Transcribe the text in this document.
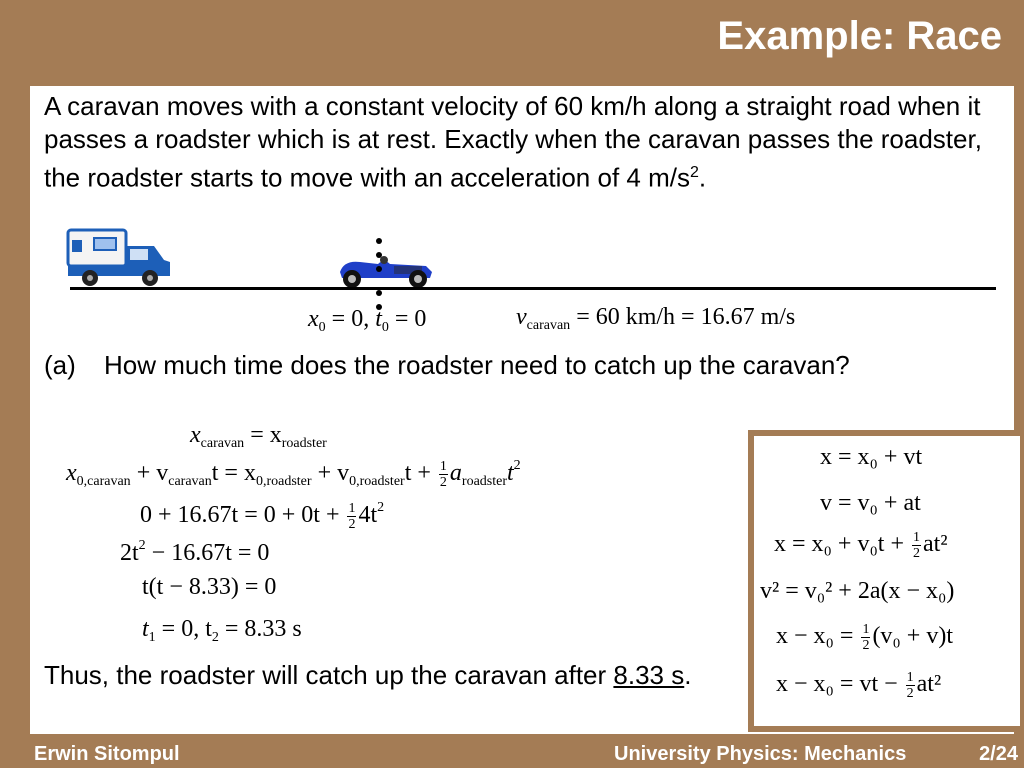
Example: Race

A caravan moves with a constant velocity of 60 km/h along a straight road when it passes a roadster which is at rest. Exactly when the caravan passes the roadster, the roadster starts to move with an acceleration of 4 $m/s^2$.

$x_0 = 0$, $t_0 = 0$	$v_{caravan} = 60$ km/h = 16.67 m/s
(a) How much time does the roadster need to catch up the caravan?
$x_{caravan} = x_{roadster}$
$x_{0,caravan} + v_{caravan}t = x_{0,roadster} + v_{0,roadster}t + \frac{1}{2} a_{roadster}t^2$
$0 + 16.67t = 0 + 0t + \frac{1}{2} 4t^2$
$2t^2 - 16.67t = 0$
t(t − 8.33) = 0
$t_1 = 0$, $t_2 = 8.33$ s
Thus, the roadster will catch up the caravan after 8.33 s.
x = x₀ + vt
v = v₀ + at
$x = x_0 + v_0t + \frac{1}{2} at^2$
v² = v₀² + 2a(x − x₀)
$x - x_0 = \frac{1}{2} (v_0 + v)t$
x − x₀ = vt − $\frac{1}{2} at^2$
Erwin Sitompul	University Physics: Mechanics	2/24
